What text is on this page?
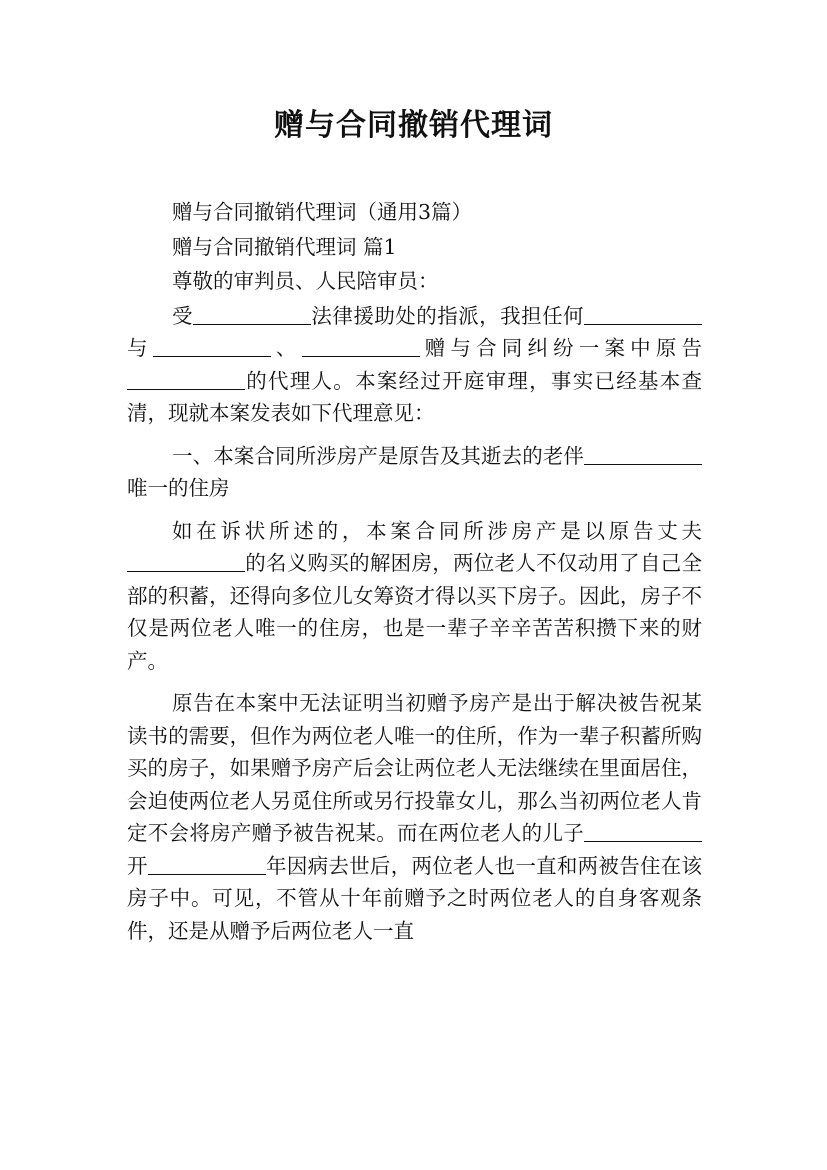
赠与合同撤销代理词

赠与合同撤销代理词（通用3篇）

赠与合同撤销代理词 篇1

尊敬的审判员、人民陪审员：

受	法律援助处的指派，我担任何与	、	赠与合同纠纷一案中原告的代理人。本案经过开庭审理，事实已经基本查清，现就本案发表如下代理意见：

一、本案合同所涉房产是原告及其逝去的老伴唯一的住房

如在诉状所述的，本案合同所涉房产是以原告丈夫的名义购买的解困房，两位老人不仅动用了自己全部的积蓄，还得向多位儿女筹资才得以买下房子。因此，房子不仅是两位老人唯一的住房，也是一辈子辛辛苦苦积攒下来的财产。

原告在本案中无法证明当初赠予房产是出于解决被告祝某读书的需要，但作为两位老人唯一的住所，作为一辈子积蓄所购买的房子，如果赠予房产后会让两位老人无法继续在里面居住，会迫使两位老人另觅住所或另行投靠女儿，那么当初两位老人肯定不会将房产赠予被告祝某。而在两位老人的儿子开	年因病去世后，两位老人也一直和两被告住在该房子中。可见，不管从十年前赠予之时两位老人的自身客观条件，还是从赠予后两位老人一直
